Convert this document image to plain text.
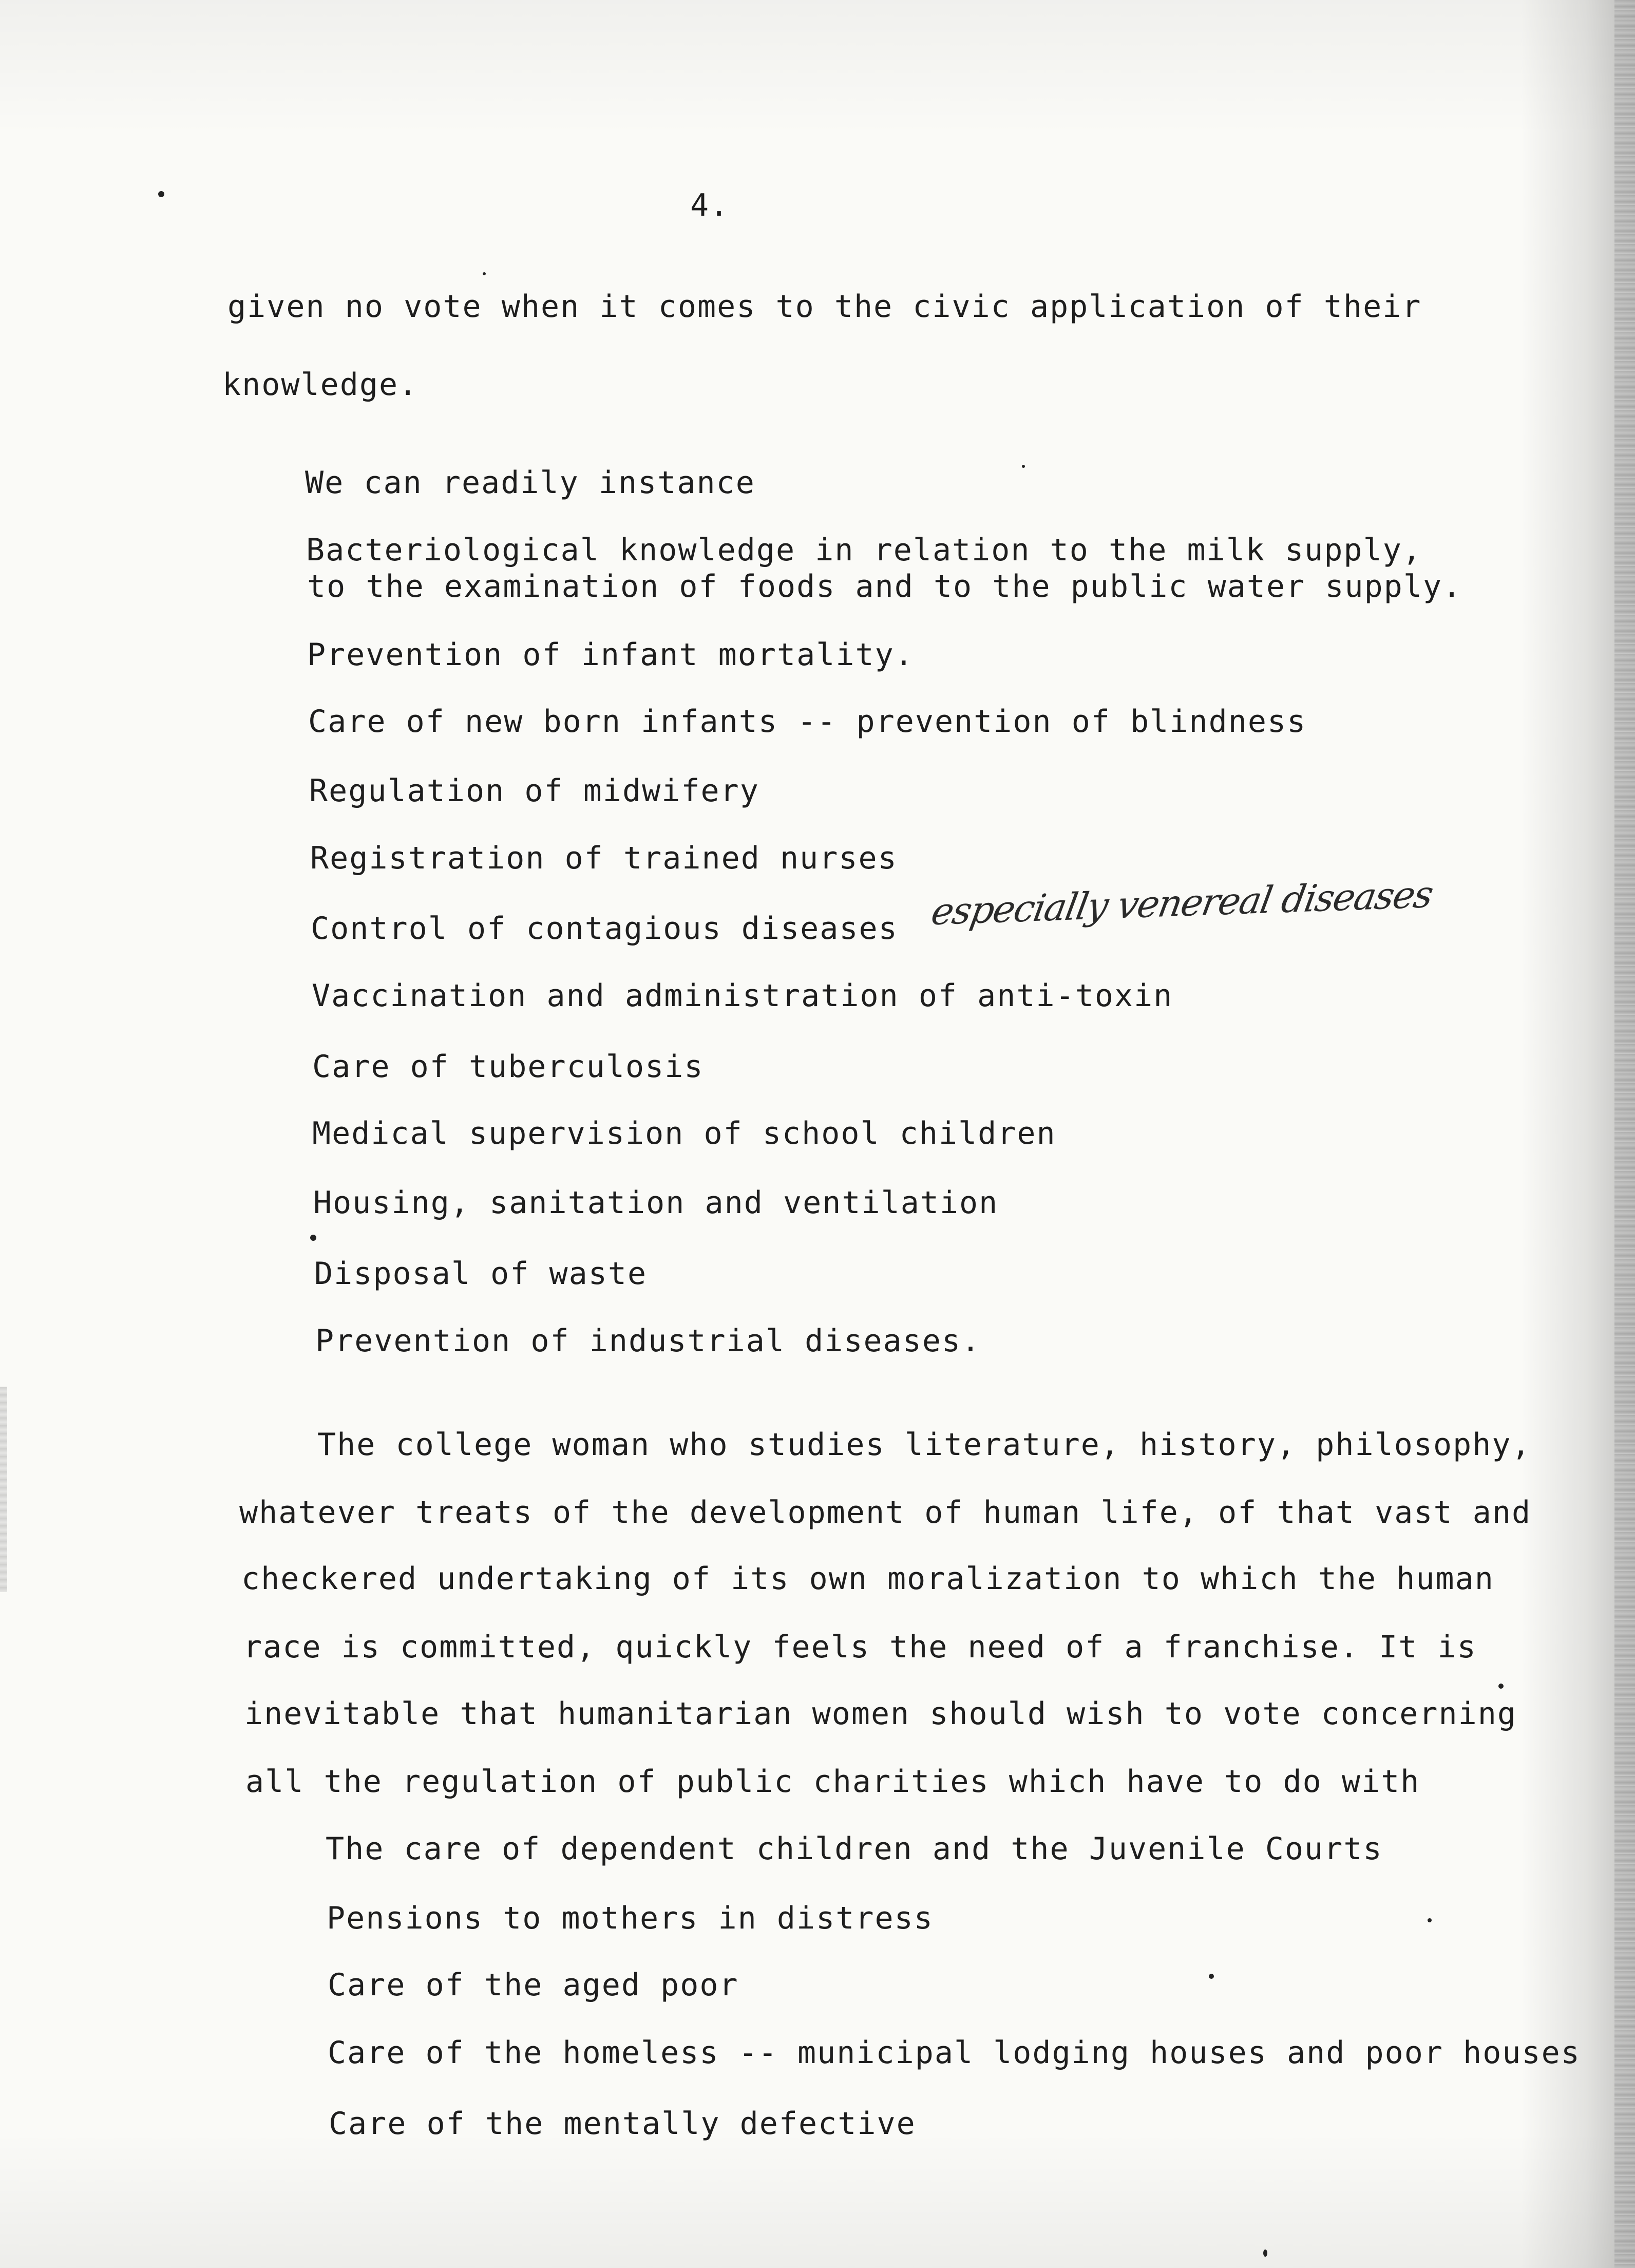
4.
given no vote when it comes to the civic application of their
knowledge.
We can readily instance
Bacteriological knowledge in relation to the milk supply,
to the examination of foods and to the public water supply.
Prevention of infant mortality.
Care of new born infants -- prevention of blindness
Regulation of midwifery
Registration of trained nurses
Control of contagious diseases especially venereal diseases
Vaccination and administration of anti-toxin
Care of tuberculosis
Medical supervision of school children
Housing, sanitation and ventilation
Disposal of waste
Prevention of industrial diseases.
The college woman who studies literature, history, philosophy,
whatever treats of the development of human life, of that vast and
checkered undertaking of its own moralization to which the human
race is committed, quickly feels the need of a franchise. It is
inevitable that humanitarian women should wish to vote concerning
all the regulation of public charities which have to do with
The care of dependent children and the Juvenile Courts
Pensions to mothers in distress
Care of the aged poor
Care of the homeless -- municipal lodging houses and poor houses
Care of the mentally defective
